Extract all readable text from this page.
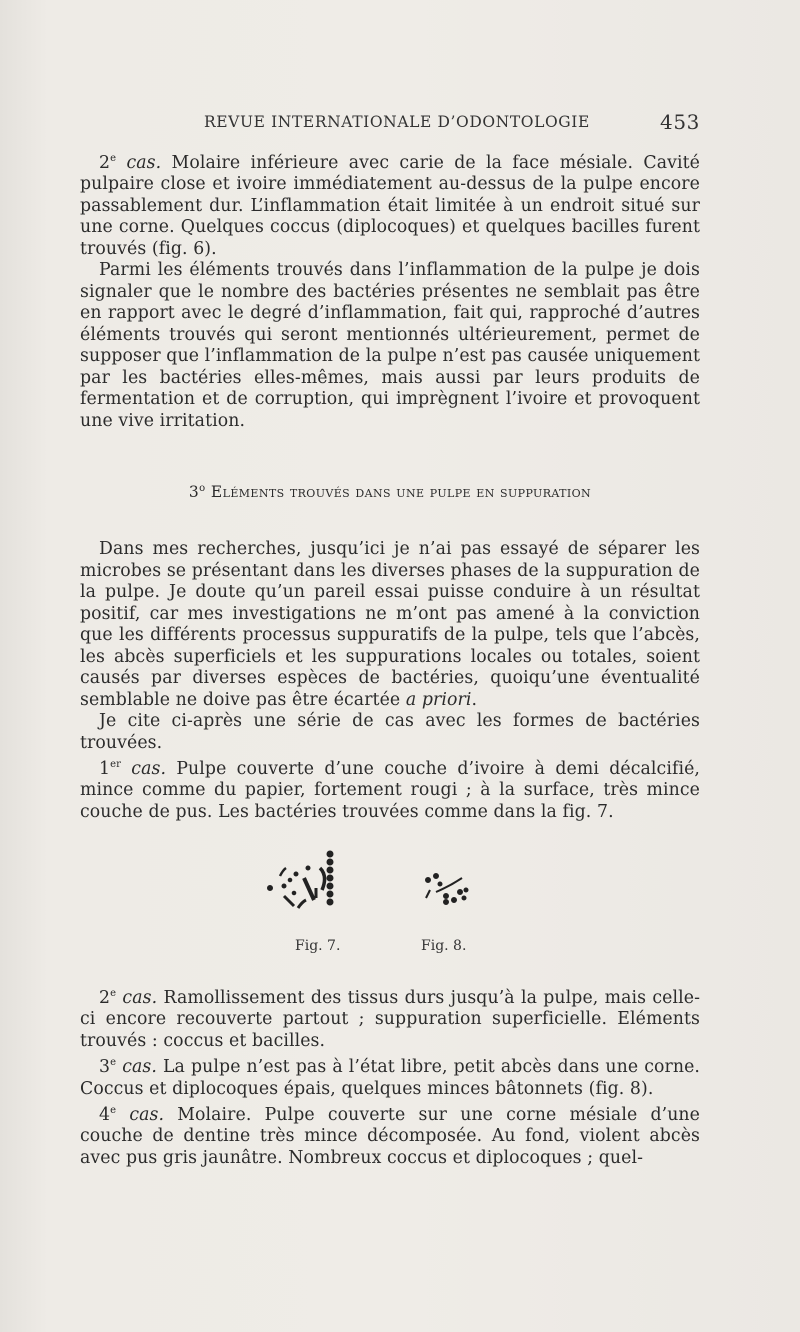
REVUE INTERNATIONALE D’ODONTOLOGIE	453

2e cas. Molaire inférieure avec carie de la face mésiale. Cavité pulpaire close et ivoire immédiatement au-dessus de la pulpe encore passablement dur. L’inflammation était limitée à un endroit situé sur une corne. Quelques coccus (diplocoques) et quelques bacilles furent trouvés (fig. 6).

Parmi les éléments trouvés dans l’inflammation de la pulpe je dois signaler que le nombre des bactéries présentes ne semblait pas être en rapport avec le degré d’inflammation, fait qui, rapproché d’autres éléments trouvés qui seront mentionnés ultérieurement, permet de supposer que l’inflammation de la pulpe n’est pas causée uniquement par les bactéries elles-mêmes, mais aussi par leurs produits de fermentation et de corruption, qui imprègnent l’ivoire et provoquent une vive irritation.

3$^o$ Eléments trouvés dans une pulpe en suppuration

Dans mes recherches, jusqu’ici je n’ai pas essayé de séparer les microbes se présentant dans les diverses phases de la suppuration de la pulpe. Je doute qu’un pareil essai puisse conduire à un résultat positif, car mes investigations ne m’ont pas amené à la conviction que les différents processus suppuratifs de la pulpe, tels que l’abcès, les abcès superficiels et les suppurations locales ou totales, soient causés par diverses espèces de bactéries, quoiqu’une éventualité semblable ne doive pas être écartée a priori.

Je cite ci-après une série de cas avec les formes de bactéries trouvées.

1er cas. Pulpe couverte d’une couche d’ivoire à demi décalcifié, mince comme du papier, fortement rougi ; à la surface, très mince couche de pus. Les bactéries trouvées comme dans la fig. 7.

Fig. 7.	Fig. 8.

2e cas. Ramollissement des tissus durs jusqu’à la pulpe, mais celle-ci encore recouverte partout ; suppuration superficielle. Eléments trouvés : coccus et bacilles.

3e cas. La pulpe n’est pas à l’état libre, petit abcès dans une corne. Coccus et diplocoques épais, quelques minces bâtonnets (fig. 8).

4e cas. Molaire. Pulpe couverte sur une corne mésiale d’une couche de dentine très mince décomposée. Au fond, violent abcès avec pus gris jaunâtre. Nombreux coccus et diplocoques ; quel-
